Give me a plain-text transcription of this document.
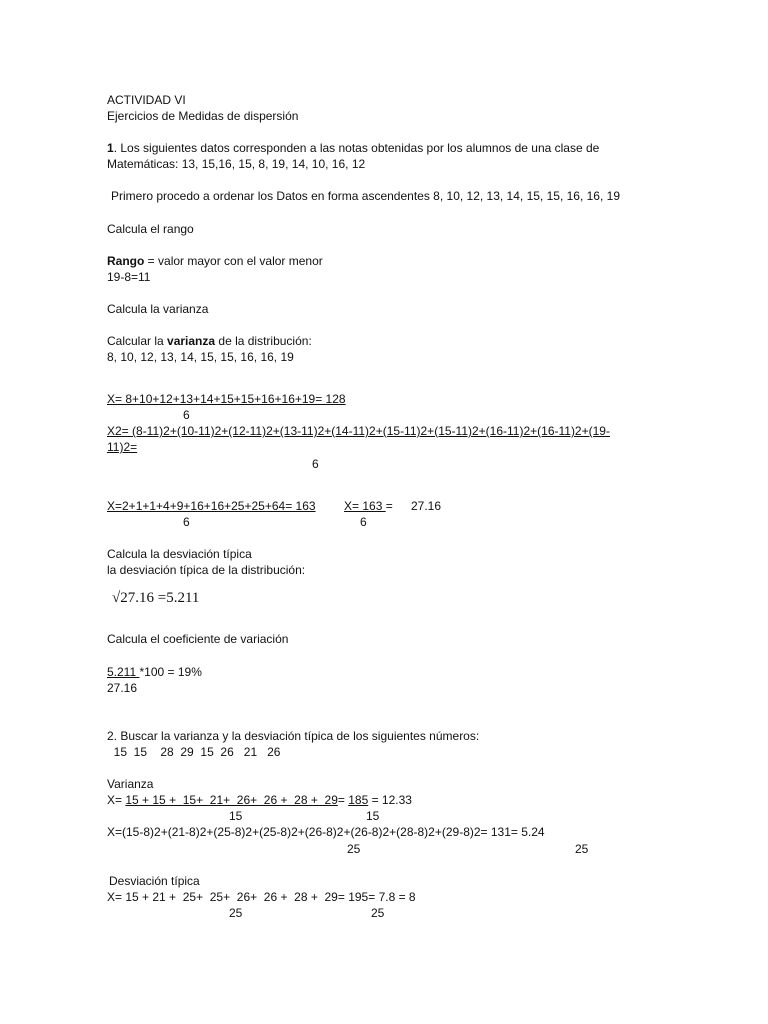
ACTIVIDAD VI
Ejercicios de Medidas de dispersión
1. Los siguientes datos corresponden a las notas obtenidas por los alumnos de una clase de
Matemáticas: 13, 15,16, 15, 8, 19, 14, 10, 16, 12
Primero procedo a ordenar los Datos en forma ascendentes 8, 10, 12, 13, 14, 15, 15, 16, 16, 19
Calcula el rango
Rango = valor mayor con el valor menor
19-8=11
Calcula la varianza
Calcular la varianza de la distribución:
8, 10, 12, 13, 14, 15, 15, 16, 16, 19
X= 8+10+12+13+14+15+15+16+16+19= 128
6
X2= (8-11)2+(10-11)2+(12-11)2+(13-11)2+(14-11)2+(15-11)2+(15-11)2+(16-11)2+(16-11)2+(19-
11)2=
6
X=2+1+1+4+9+16+16+25+25+64= 163 X= 163 = 27.16
6	6
Calcula la desviación típica
la desviación típica de la distribución:
√27.16 =5.211
Calcula el coeficiente de variación
5.211 *100 = 19%
27.16
2. Buscar la varianza y la desviación típica de los siguientes números:
15  15    28  29  15  26   21   26
Varianza
X= 15 + 15 +  15+  21+  26+  26 +  28 +  29= 185 = 12.33
15	15
X=(15-8)2+(21-8)2+(25-8)2+(25-8)2+(26-8)2+(26-8)2+(28-8)2+(29-8)2= 131= 5.24
25	25
Desviación típica
X= 15 + 21 +  25+  25+  26+  26 +  28 +  29= 195= 7.8 = 8
25	25
